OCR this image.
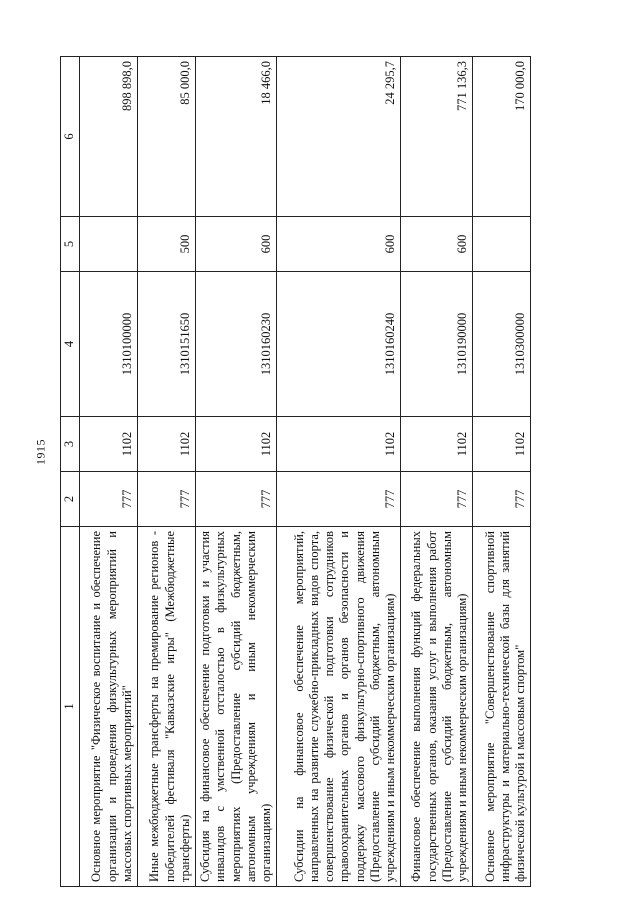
1915
1	2	3	4	5	6
Основное мероприятие "Физическое воспитание и обеспечение организации и проведения физкультурных мероприятий и массовых спортивных мероприятий"	777	1102	1310100000		898 898,0
Иные межбюджетные трансферты на премирование регионов - победителей фестиваля "Кавказские игры" (Межбюджетные трансферты)	777	1102	1310151650	500	85 000,0
Субсидия на финансовое обеспечение подготовки и участия инвалидов с умственной отсталостью в физкультурных мероприятиях (Предоставление субсидий бюджетным, автономным учреждениям и иным некоммерческим организациям)	777	1102	1310160230	600	18 466,0
Субсидии на финансовое обеспечение мероприятий, направленных на развитие служебно-прикладных видов спорта, совершенствование физической подготовки сотрудников правоохранительных органов и органов безопасности и поддержку массового физкультурно-спортивного движения (Предоставление субсидий бюджетным, автономным учреждениям и иным некоммерческим организациям)	777	1102	1310160240	600	24 295,7
Финансовое обеспечение выполнения функций федеральных государственных органов, оказания услуг и выполнения работ (Предоставление субсидий бюджетным, автономным учреждениям и иным некоммерческим организациям)	777	1102	1310190000	600	771 136,3
Основное мероприятие "Совершенствование спортивной инфраструктуры и материально-технической базы для занятий физической культурой и массовым спортом"	777	1102	1310300000		170 000,0
